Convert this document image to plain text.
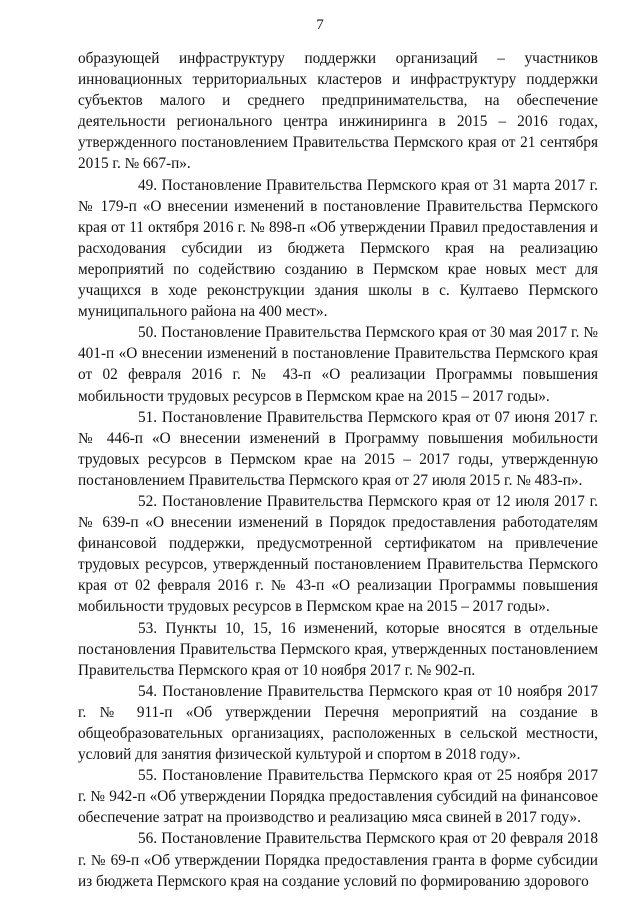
7

образующей инфраструктуру поддержки организаций – участников инновационных территориальных кластеров и инфраструктуру поддержки субъектов малого и среднего предпринимательства, на обеспечение деятельности регионального центра инжиниринга в 2015 – 2016 годах, утвержденного постановлением Правительства Пермского края от 21 сентября 2015 г. № 667-п».

49. Постановление Правительства Пермского края от 31 марта 2017 г. № 179-п «О внесении изменений в постановление Правительства Пермского края от 11 октября 2016 г. № 898-п «Об утверждении Правил предоставления и расходования субсидии из бюджета Пермского края на реализацию мероприятий по содействию созданию в Пермском крае новых мест для учащихся в ходе реконструкции здания школы в с. Култаево Пермского муниципального района на 400 мест».

50. Постановление Правительства Пермского края от 30 мая 2017 г. № 401-п «О внесении изменений в постановление Правительства Пермского края от 02 февраля 2016 г. № 43-п «О реализации Программы повышения мобильности трудовых ресурсов в Пермском крае на 2015 – 2017 годы».

51. Постановление Правительства Пермского края от 07 июня 2017 г. № 446-п «О внесении изменений в Программу повышения мобильности трудовых ресурсов в Пермском крае на 2015 – 2017 годы, утвержденную постановлением Правительства Пермского края от 27 июля 2015 г. № 483-п».

52. Постановление Правительства Пермского края от 12 июля 2017 г. № 639-п «О внесении изменений в Порядок предоставления работодателям финансовой поддержки, предусмотренной сертификатом на привлечение трудовых ресурсов, утвержденный постановлением Правительства Пермского края от 02 февраля 2016 г. № 43-п «О реализации Программы повышения мобильности трудовых ресурсов в Пермском крае на 2015 – 2017 годы».

53. Пункты 10, 15, 16 изменений, которые вносятся в отдельные постановления Правительства Пермского края, утвержденных постановлением Правительства Пермского края от 10 ноября 2017 г. № 902-п.

54. Постановление Правительства Пермского края от 10 ноября 2017 г. № 911-п «Об утверждении Перечня мероприятий на создание в общеобразовательных организациях, расположенных в сельской местности, условий для занятия физической культурой и спортом в 2018 году».

55. Постановление Правительства Пермского края от 25 ноября 2017 г. № 942-п «Об утверждении Порядка предоставления субсидий на финансовое обеспечение затрат на производство и реализацию мяса свиней в 2017 году».

56. Постановление Правительства Пермского края от 20 февраля 2018 г. № 69-п «Об утверждении Порядка предоставления гранта в форме субсидии из бюджета Пермского края на создание условий по формированию здорового
